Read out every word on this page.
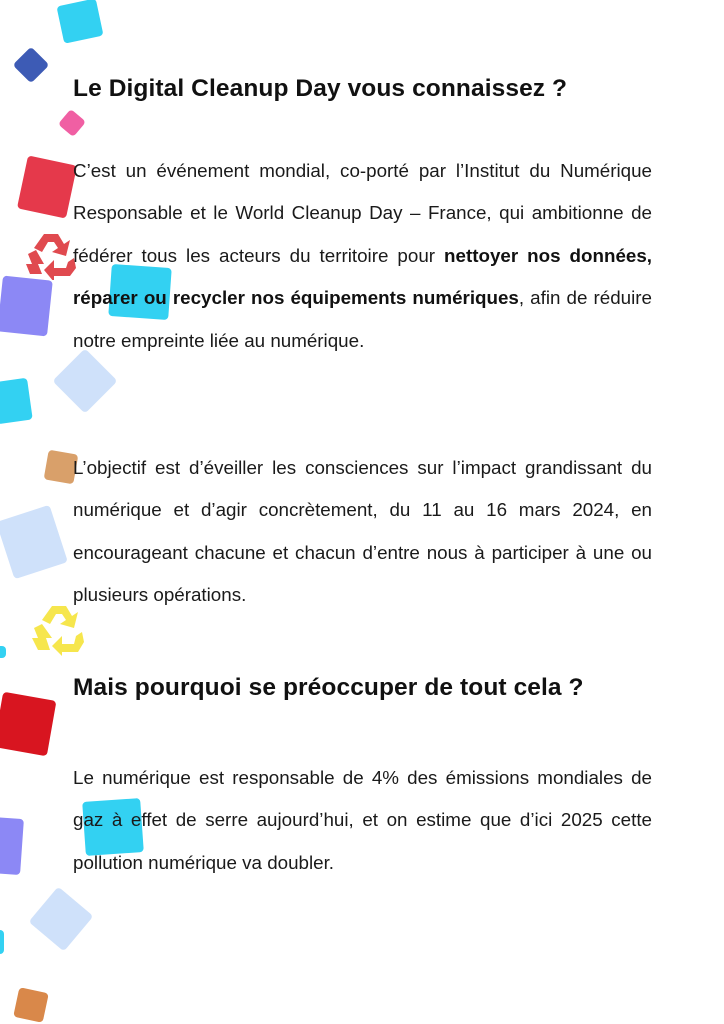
Le Digital Cleanup Day vous connaissez ?

C’est un événement mondial, co-porté par l’Institut du Numérique Responsable et le World Cleanup Day – France, qui ambitionne de fédérer tous les acteurs du territoire pour nettoyer nos données, réparer ou recycler nos équipements numériques, afin de réduire notre empreinte liée au numérique.

L’objectif est d’éveiller les consciences sur l’impact grandissant du numérique et d’agir concrètement, du 11 au 16 mars 2024, en encourageant chacune et chacun d’entre nous à participer à une ou plusieurs opérations.

Mais pourquoi se préoccuper de tout cela ?

Le numérique est responsable de 4% des émissions mondiales de gaz à effet de serre aujourd’hui, et on estime que d’ici 2025 cette pollution numérique va doubler.
